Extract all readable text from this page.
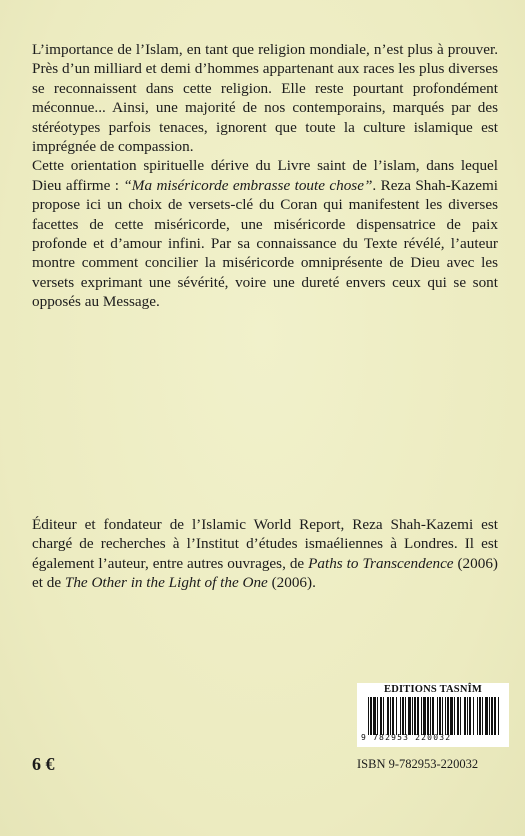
L’importance de l’Islam, en tant que religion mondiale, n’est plus à prouver. Près d’un milliard et demi d’hommes appartenant aux races les plus diverses se reconnaissent dans cette religion. Elle reste pourtant profondément méconnue... Ainsi, une majorité de nos contemporains, marqués par des stéréotypes parfois tenaces, ignorent que toute la culture islamique est imprégnée de compassion.

Cette orientation spirituelle dérive du Livre saint de l’islam, dans lequel Dieu affirme : “Ma miséricorde embrasse toute chose”. Reza Shah-Kazemi propose ici un choix de versets-clé du Coran qui manifestent les diverses facettes de cette miséricorde, une miséricorde dispensatrice de paix profonde et d’amour infini. Par sa connaissance du Texte révélé, l’auteur montre comment concilier la miséricorde omniprésente de Dieu avec les versets exprimant une sévérité, voire une dureté envers ceux qui se sont opposés au Message.

Éditeur et fondateur de l’Islamic World Report, Reza Shah-Kazemi est chargé de recherches à l’Institut d’études ismaéliennes à Londres. Il est également l’auteur, entre autres ouvrages, de Paths to Transcendence (2006) et de The Other in the Light of the One (2006).

6 €
EDITIONS TASNÎM
9 782953 220032
ISBN 9-782953-220032
